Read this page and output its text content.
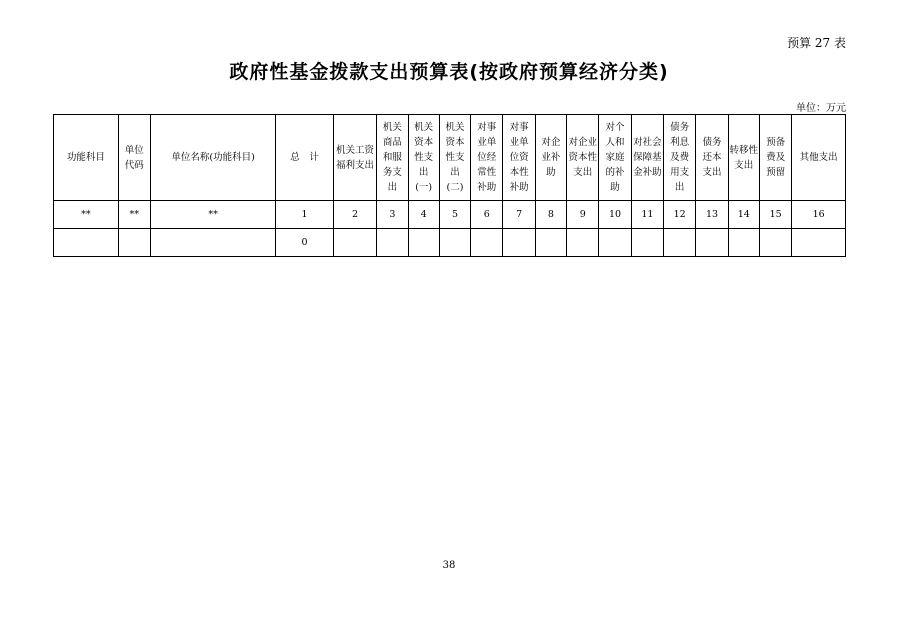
预算 27 表
政府性基金拨款支出预算表(按政府预算经济分类)
单位：万元
功能科目	单位代码	单位名称(功能科目)	总　计	机关工资福利支出	机关商品和服务支出	机关资本性支出(一)	机关资本性支出(二)	对事业单位经常性补助	对事业单位资本性补助	对企业补助	对企业资本性支出	对个人和家庭的补助	对社会保障基金补助	债务利息及费用支出	债务还本支出	转移性支出	预备费及预留	其他支出
**	**	**	1	2	3	4	5	6	7	8	9	10	11	12	13	14	15	16
			0															
38
